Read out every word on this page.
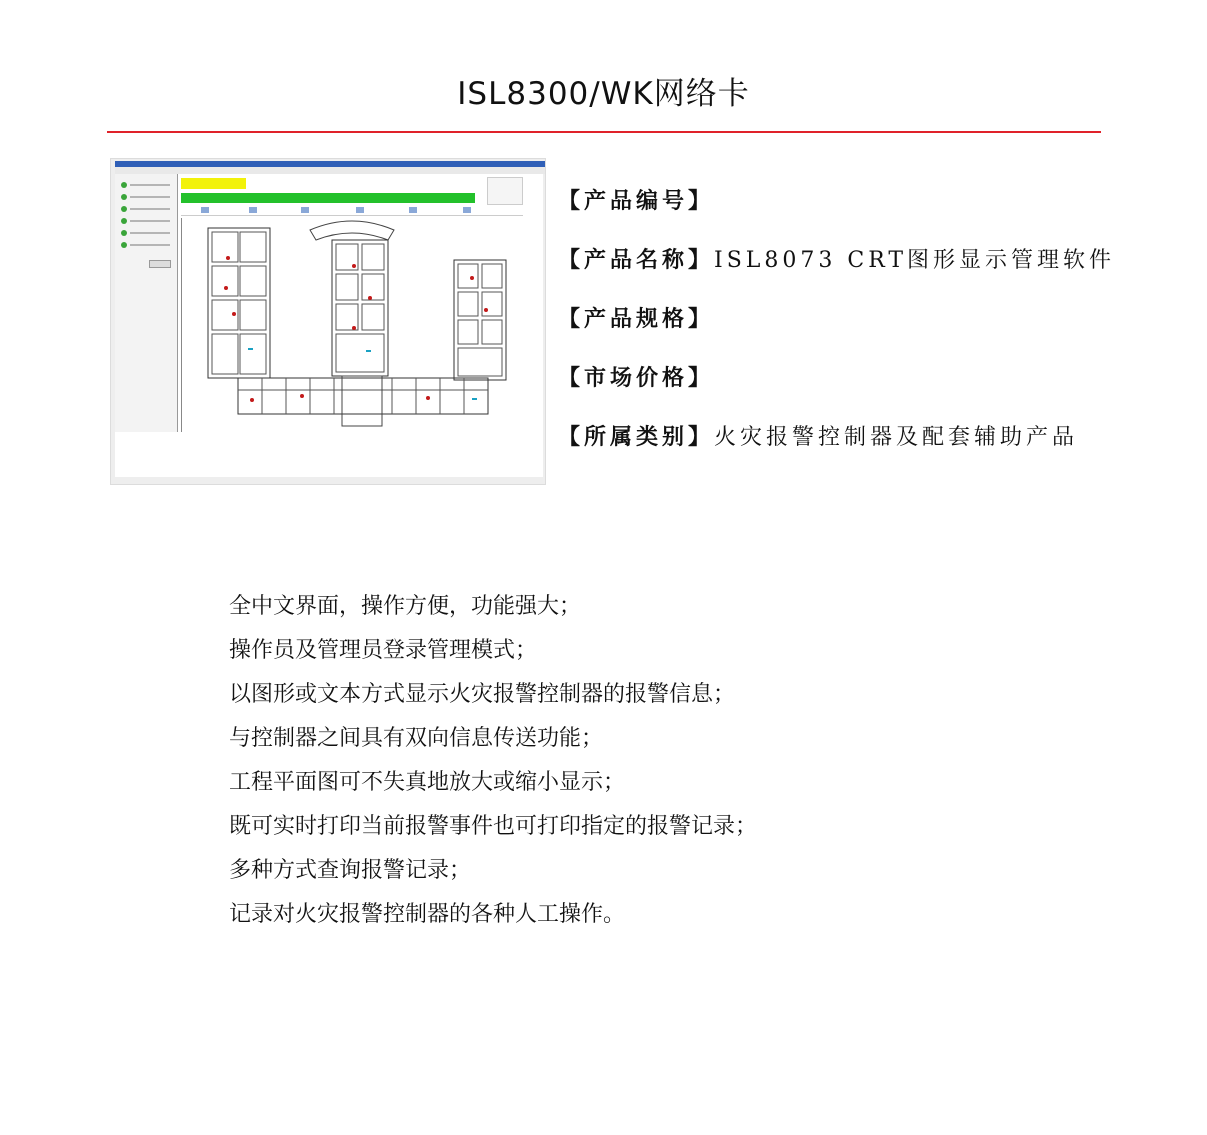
ISL8300/WK网络卡
【产品编号】
【产品名称】ISL8073 CRT图形显示管理软件
【产品规格】
【市场价格】
【所属类别】火灾报警控制器及配套辅助产品
全中文界面，操作方便，功能强大；
操作员及管理员登录管理模式；
以图形或文本方式显示火灾报警控制器的报警信息；
与控制器之间具有双向信息传送功能；
工程平面图可不失真地放大或缩小显示；
既可实时打印当前报警事件也可打印指定的报警记录；
多种方式查询报警记录；
记录对火灾报警控制器的各种人工操作。
